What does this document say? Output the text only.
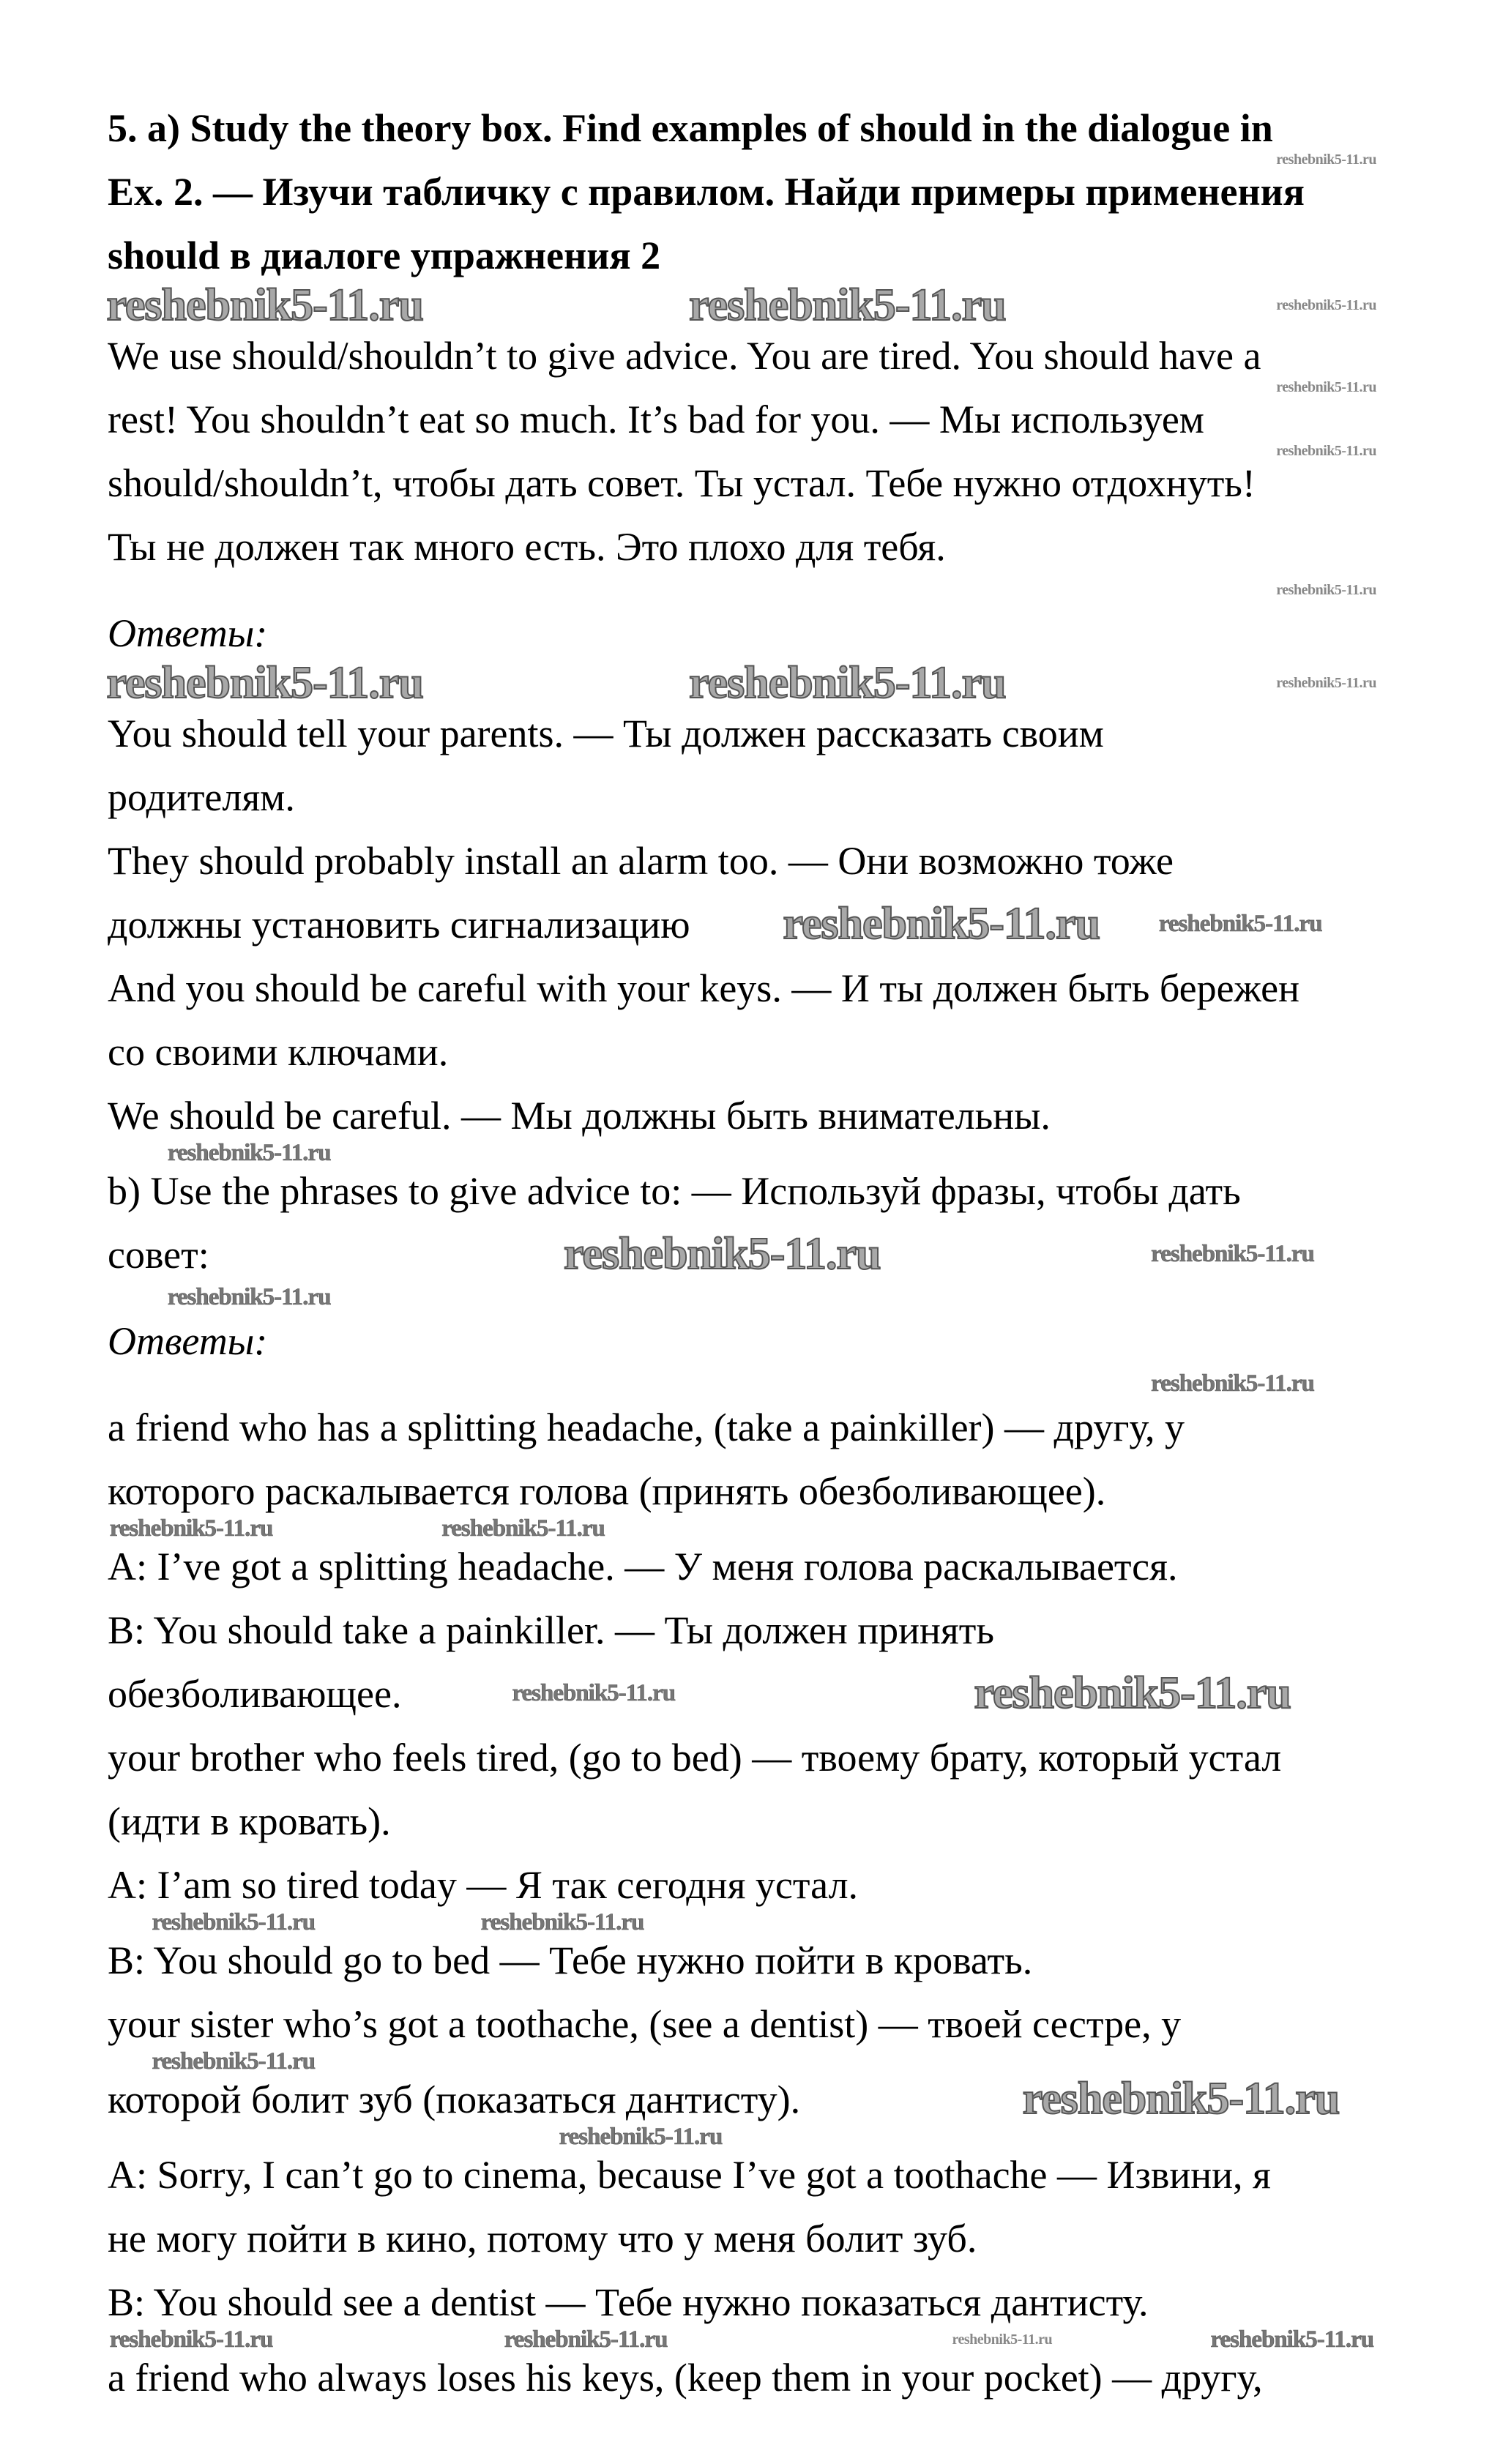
5. a) Study the theory box. Find examples of should in the dialogue in
Ex. 2. — Изучи табличку с правилом. Найди примеры применения
should в диалоге упражнения 2
We use should/shouldn’t to give advice. You are tired. You should have a
rest! You shouldn’t eat so much. It’s bad for you. — Мы используем
should/shouldn’t, чтобы дать совет. Ты устал. Тебе нужно отдохнуть!
Ты не должен так много есть. Это плохо для тебя.
Ответы:
You should tell your parents. — Ты должен рассказать своим
родителям.
They should probably install an alarm too. — Они возможно тоже
должны установить сигнализацию
And you should be careful with your keys. — И ты должен быть бережен
со своими ключами.
We should be careful. — Мы должны быть внимательны.
b) Use the phrases to give advice to: — Используй фразы, чтобы дать
совет:
Ответы:
a friend who has a splitting headache, (take a painkiller) — другу, у
которого раскалывается голова (принять обезболивающее).
A: I’ve got a splitting headache. — У меня голова раскалывается.
B: You should take a painkiller. — Ты должен принять
обезболивающее.
your brother who feels tired, (go to bed) — твоему брату, который устал
(идти в кровать).
A: I’am so tired today — Я так сегодня устал.
B: You should go to bed — Тебе нужно пойти в кровать.
your sister who’s got a toothache, (see a dentist) — твоей сестре, у
которой болит зуб (показаться дантисту).
A: Sorry, I can’t go to cinema, because I’ve got a toothache — Извини, я
не могу пойти в кино, потому что у меня болит зуб.
B: You should see a dentist — Тебе нужно показаться дантисту.
a friend who always loses his keys, (keep them in your pocket) — другу,
reshebnik5-11.ru
reshebnik5-11.ru
reshebnik5-11.ru
reshebnik5-11.ru
reshebnik5-11.ru
reshebnik5-11.ru
reshebnik5-11.ru	reshebnik5-11.ru
reshebnik5-11.ru	reshebnik5-11.ru
reshebnik5-11.ru reshebnik5-11.ru
reshebnik5-11.ru
reshebnik5-11.ru	reshebnik5-11.ru
reshebnik5-11.ru
reshebnik5-11.ru
reshebnik5-11.ru	reshebnik5-11.ru
reshebnik5-11.ru	reshebnik5-11.ru
reshebnik5-11.ru	reshebnik5-11.ru
reshebnik5-11.ru
reshebnik5-11.ru
reshebnik5-11.ru
reshebnik5-11.ru	reshebnik5-11.ru	reshebnik5-11.ru	reshebnik5-11.ru
